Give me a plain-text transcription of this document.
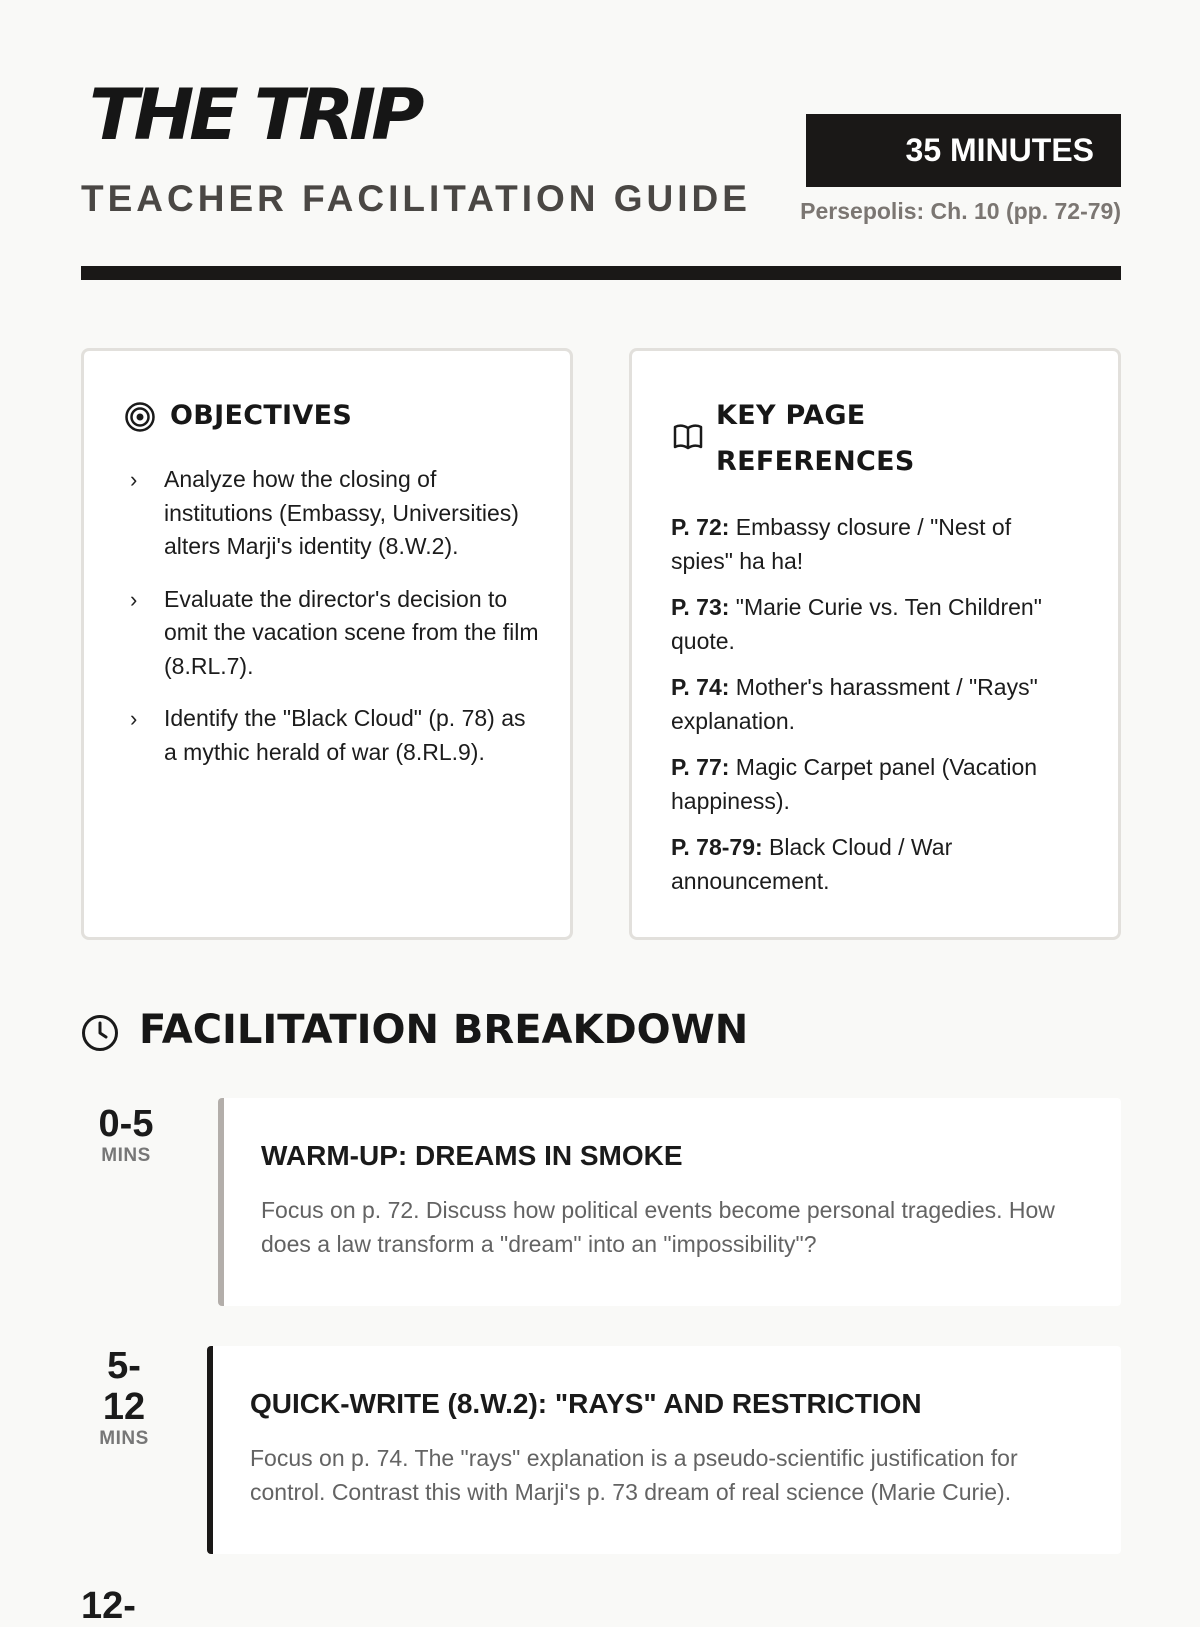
THE TRIP
TEACHER FACILITATION GUIDE
35 MINUTES
Persepolis: Ch. 10 (pp. 72-79)
OBJECTIVES
› Analyze how the closing of institutions (Embassy, Universities) alters Marji's identity (8.W.2).
› Evaluate the director's decision to omit the vacation scene from the film (8.RL.7).
› Identify the "Black Cloud" (p. 78) as a mythic herald of war (8.RL.9).
KEY PAGE REFERENCES
P. 72: Embassy closure / "Nest of spies" ha ha!
P. 73: "Marie Curie vs. Ten Children" quote.
P. 74: Mother's harassment / "Rays" explanation.
P. 77: Magic Carpet panel (Vacation happiness).
P. 78-79: Black Cloud / War announcement.
FACILITATION BREAKDOWN
0-5
MINS	WARM-UP: DREAMS IN SMOKE

Focus on p. 72. Discuss how political events become personal tragedies. How does a law transform a "dream" into an "impossibility"?

5-
12
MINS
QUICK-WRITE (8.W.2): "RAYS" AND RESTRICTION

Focus on p. 74. The "rays" explanation is a pseudo-scientific justification for control. Contrast this with Marji's p. 73 dream of real science (Marie Curie).

12-
